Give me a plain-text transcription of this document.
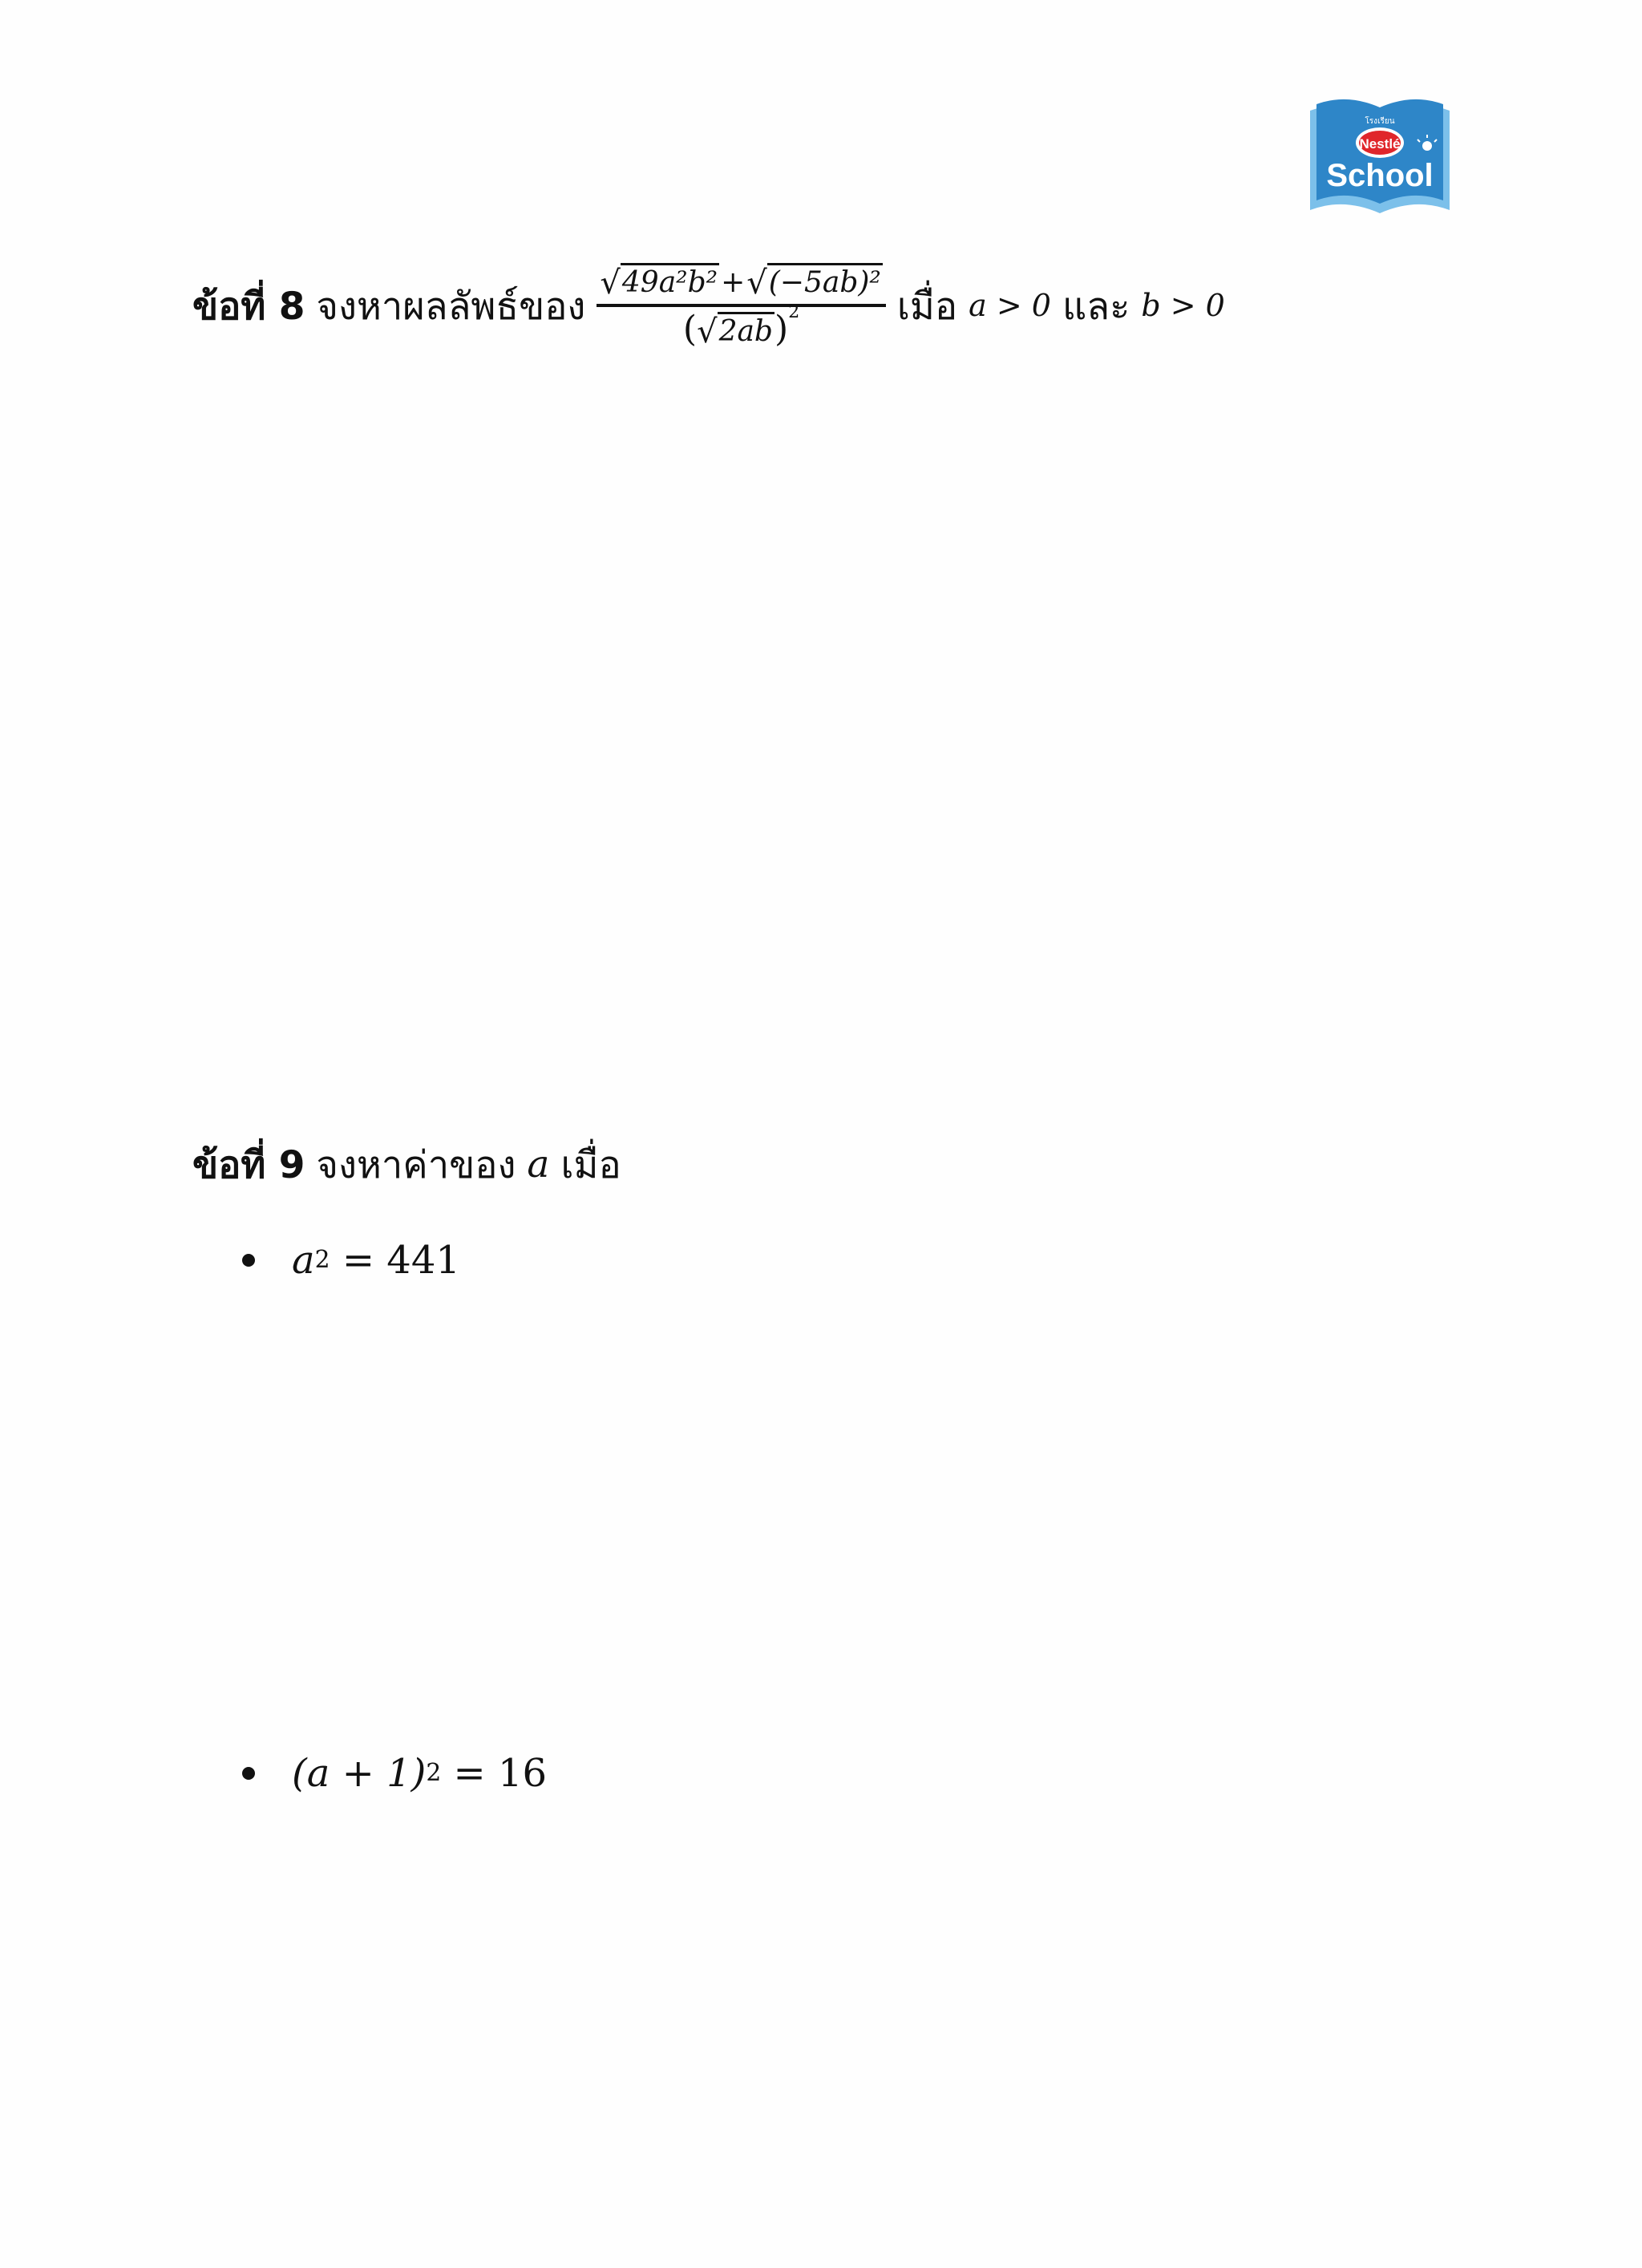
Nestlé
โรงเรียน
School
ข้อที่ 8 จงหาผลลัพธ์ของ
√ 49a²b² + √ (−5ab)²
( √ 2ab ) 2	เมื่อ a > 0 และ b > 0
ข้อที่ 9 จงหาค่าของ a เมื่อ
a 2 = 441
(a + 1) 2 = 16
